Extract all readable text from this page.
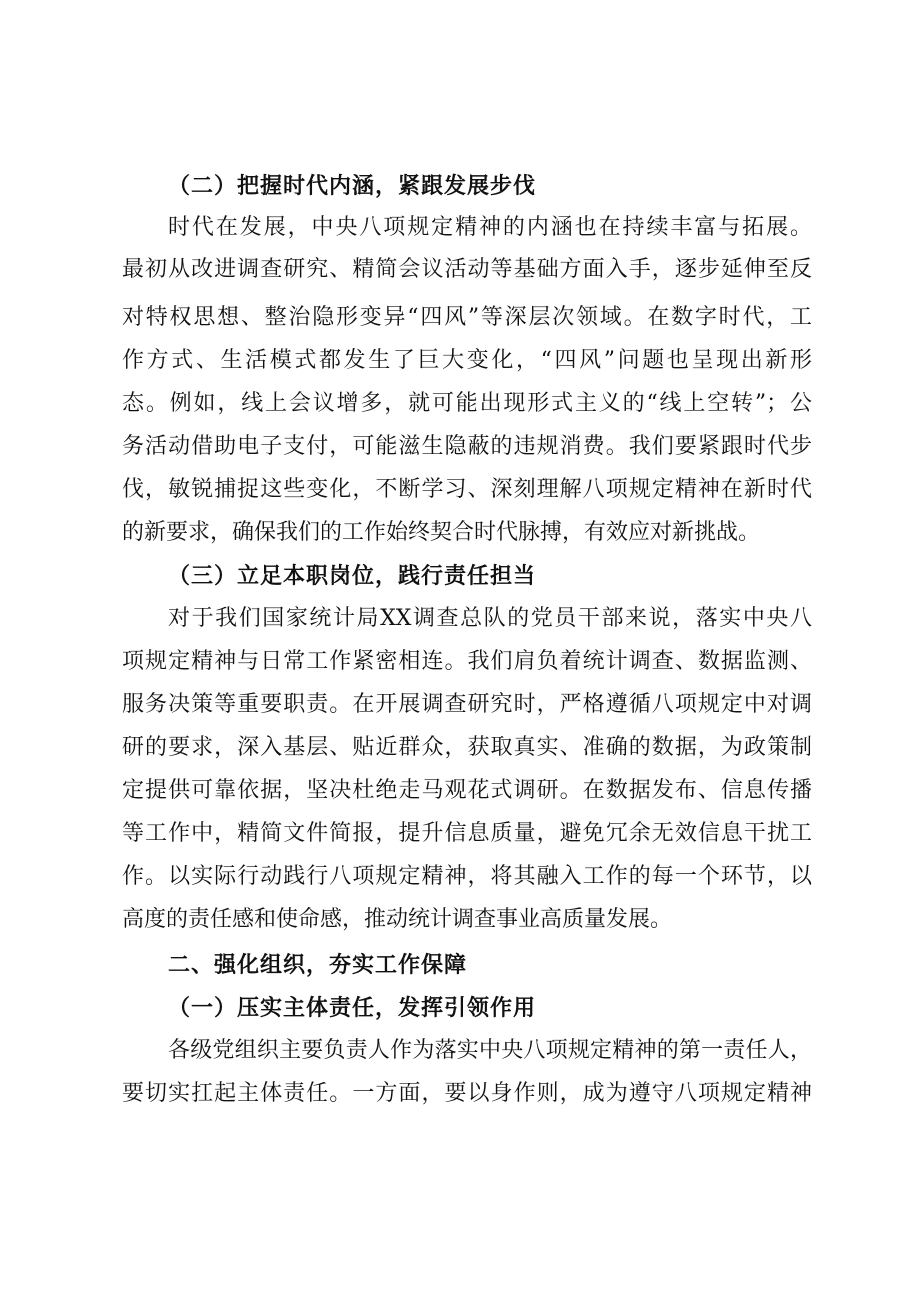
（二）把握时代内涵，紧跟发展步伐
时代在发展，中央八项规定精神的内涵也在持续丰富与拓展。
最初从改进调查研究、精简会议活动等基础方面入手，逐步延伸至反
对特权思想、整治隐形变异“四风”等深层次领域。在数字时代，工
作方式、生活模式都发生了巨大变化，“四风”问题也呈现出新形
态。例如，线上会议增多，就可能出现形式主义的“线上空转”；公
务活动借助电子支付，可能滋生隐蔽的违规消费。我们要紧跟时代步
伐，敏锐捕捉这些变化，不断学习、深刻理解八项规定精神在新时代
的新要求，确保我们的工作始终契合时代脉搏，有效应对新挑战。
（三）立足本职岗位，践行责任担当
对于我们国家统计局XX调查总队的党员干部来说，落实中央八
项规定精神与日常工作紧密相连。我们肩负着统计调查、数据监测、
服务决策等重要职责。在开展调查研究时，严格遵循八项规定中对调
研的要求，深入基层、贴近群众，获取真实、准确的数据，为政策制
定提供可靠依据，坚决杜绝走马观花式调研。在数据发布、信息传播
等工作中，精简文件简报，提升信息质量，避免冗余无效信息干扰工
作。以实际行动践行八项规定精神，将其融入工作的每一个环节，以
高度的责任感和使命感，推动统计调查事业高质量发展。
二、强化组织，夯实工作保障
（一）压实主体责任，发挥引领作用
各级党组织主要负责人作为落实中央八项规定精神的第一责任人，
要切实扛起主体责任。一方面，要以身作则，成为遵守八项规定精神
